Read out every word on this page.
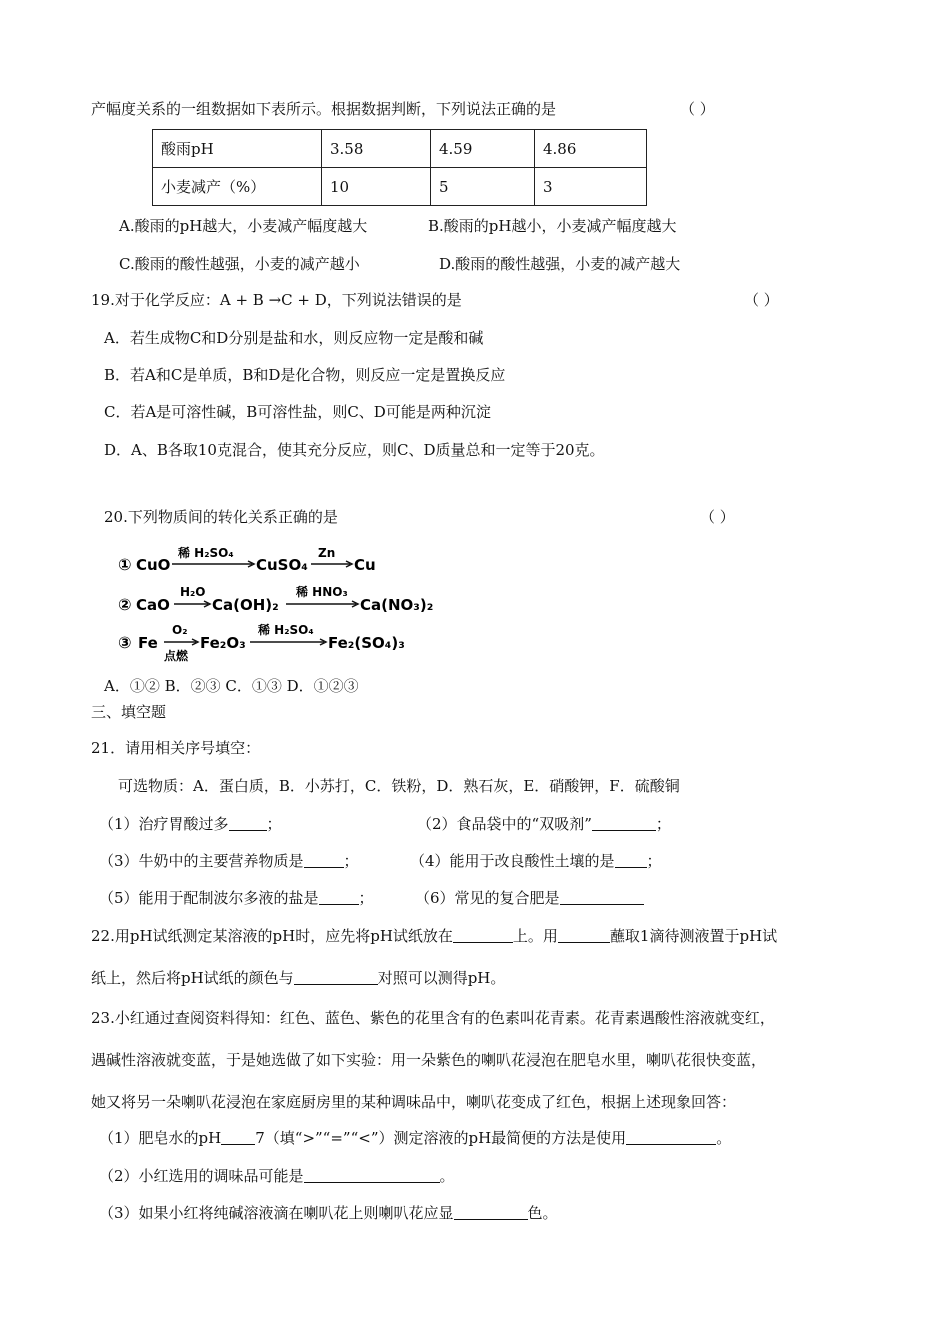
产幅度关系的一组数据如下表所示。根据数据判断，下列说法正确的是	（ ）
酸雨pH	3.58	4.59	4.86
小麦减产（%）	10	5	3
A.酸雨的pH越大，小麦减产幅度越大	B.酸雨的pH越小，小麦减产幅度越大
C.酸雨的酸性越强，小麦的减产越小	D.酸雨的酸性越强，小麦的减产越大
19.对于化学反应：A + B →C + D，下列说法错误的是	（ ）
A．若生成物C和D分别是盐和水，则反应物一定是酸和碱
B．若A和C是单质，B和D是化合物，则反应一定是置换反应
C．若A是可溶性碱，B可溶性盐，则C、D可能是两种沉淀
D．A、B各取10克混合，使其充分反应，则C、D质量总和一定等于20克。
20.下列物质间的转化关系正确的是	（ ）
① CuO
稀 H₂SO₄
CuSO₄
Zn
Cu
② CaO
H₂O
Ca(OH)₂
稀 HNO₃
Ca(NO₃)₂
③ Fe
O₂
点燃
Fe₂O₃
稀 H₂SO₄
Fe₂(SO₄)₃
A．①② B．②③ C．①③ D．①②③
三、填空题
21．请用相关序号填空：
可选物质：A．蛋白质，B．小苏打，C．铁粉，D．熟石灰，E．硝酸钾，F．硫酸铜
（1）治疗胃酸过多	；	（2）食品袋中的“双吸剂”	；
（3）牛奶中的主要营养物质是	；	（4）能用于改良酸性土壤的是 ；
（5）能用于配制波尔多液的盐是	；	（6）常见的复合肥是
22.用pH试纸测定某溶液的pH时，应先将pH试纸放在	上。用	蘸取1滴待测液置于pH试
纸上，然后将pH试纸的颜色与	对照可以测得pH。
23.小红通过查阅资料得知：红色、蓝色、紫色的花里含有的色素叫花青素。花青素遇酸性溶液就变红，
遇碱性溶液就变蓝，于是她选做了如下实验：用一朵紫色的喇叭花浸泡在肥皂水里，喇叭花很快变蓝，
她又将另一朵喇叭花浸泡在家庭厨房里的某种调味品中，喇叭花变成了红色，根据上述现象回答：
（1）肥皂水的pH 7（填“>”“=”“<”）测定溶液的pH最简便的方法是使用	。
（2）小红选用的调味品可能是	。
（3）如果小红将纯碱溶液滴在喇叭花上则喇叭花应显	色。
